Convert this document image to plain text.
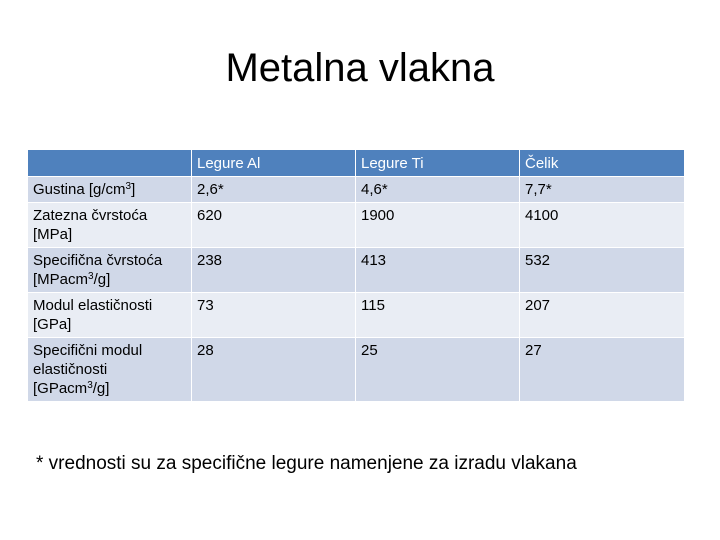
Metalna vlakna
	Legure Al	Legure Ti	Čelik
Gustina $[g/cm^3]$	2,6*	4,6*	7,7*
Zatezna čvrstoća
[MPa]	620	1900	4100
Specifična čvrstoća
[MPacm$^3$/g]	238	413	532
Modul elastičnosti
[GPa]	73	115	207
Specifični modul
elastičnosti
[GPacm$^3$/g]	28	25	27

* vrednosti su za specifične legure namenjene za izradu vlakana
